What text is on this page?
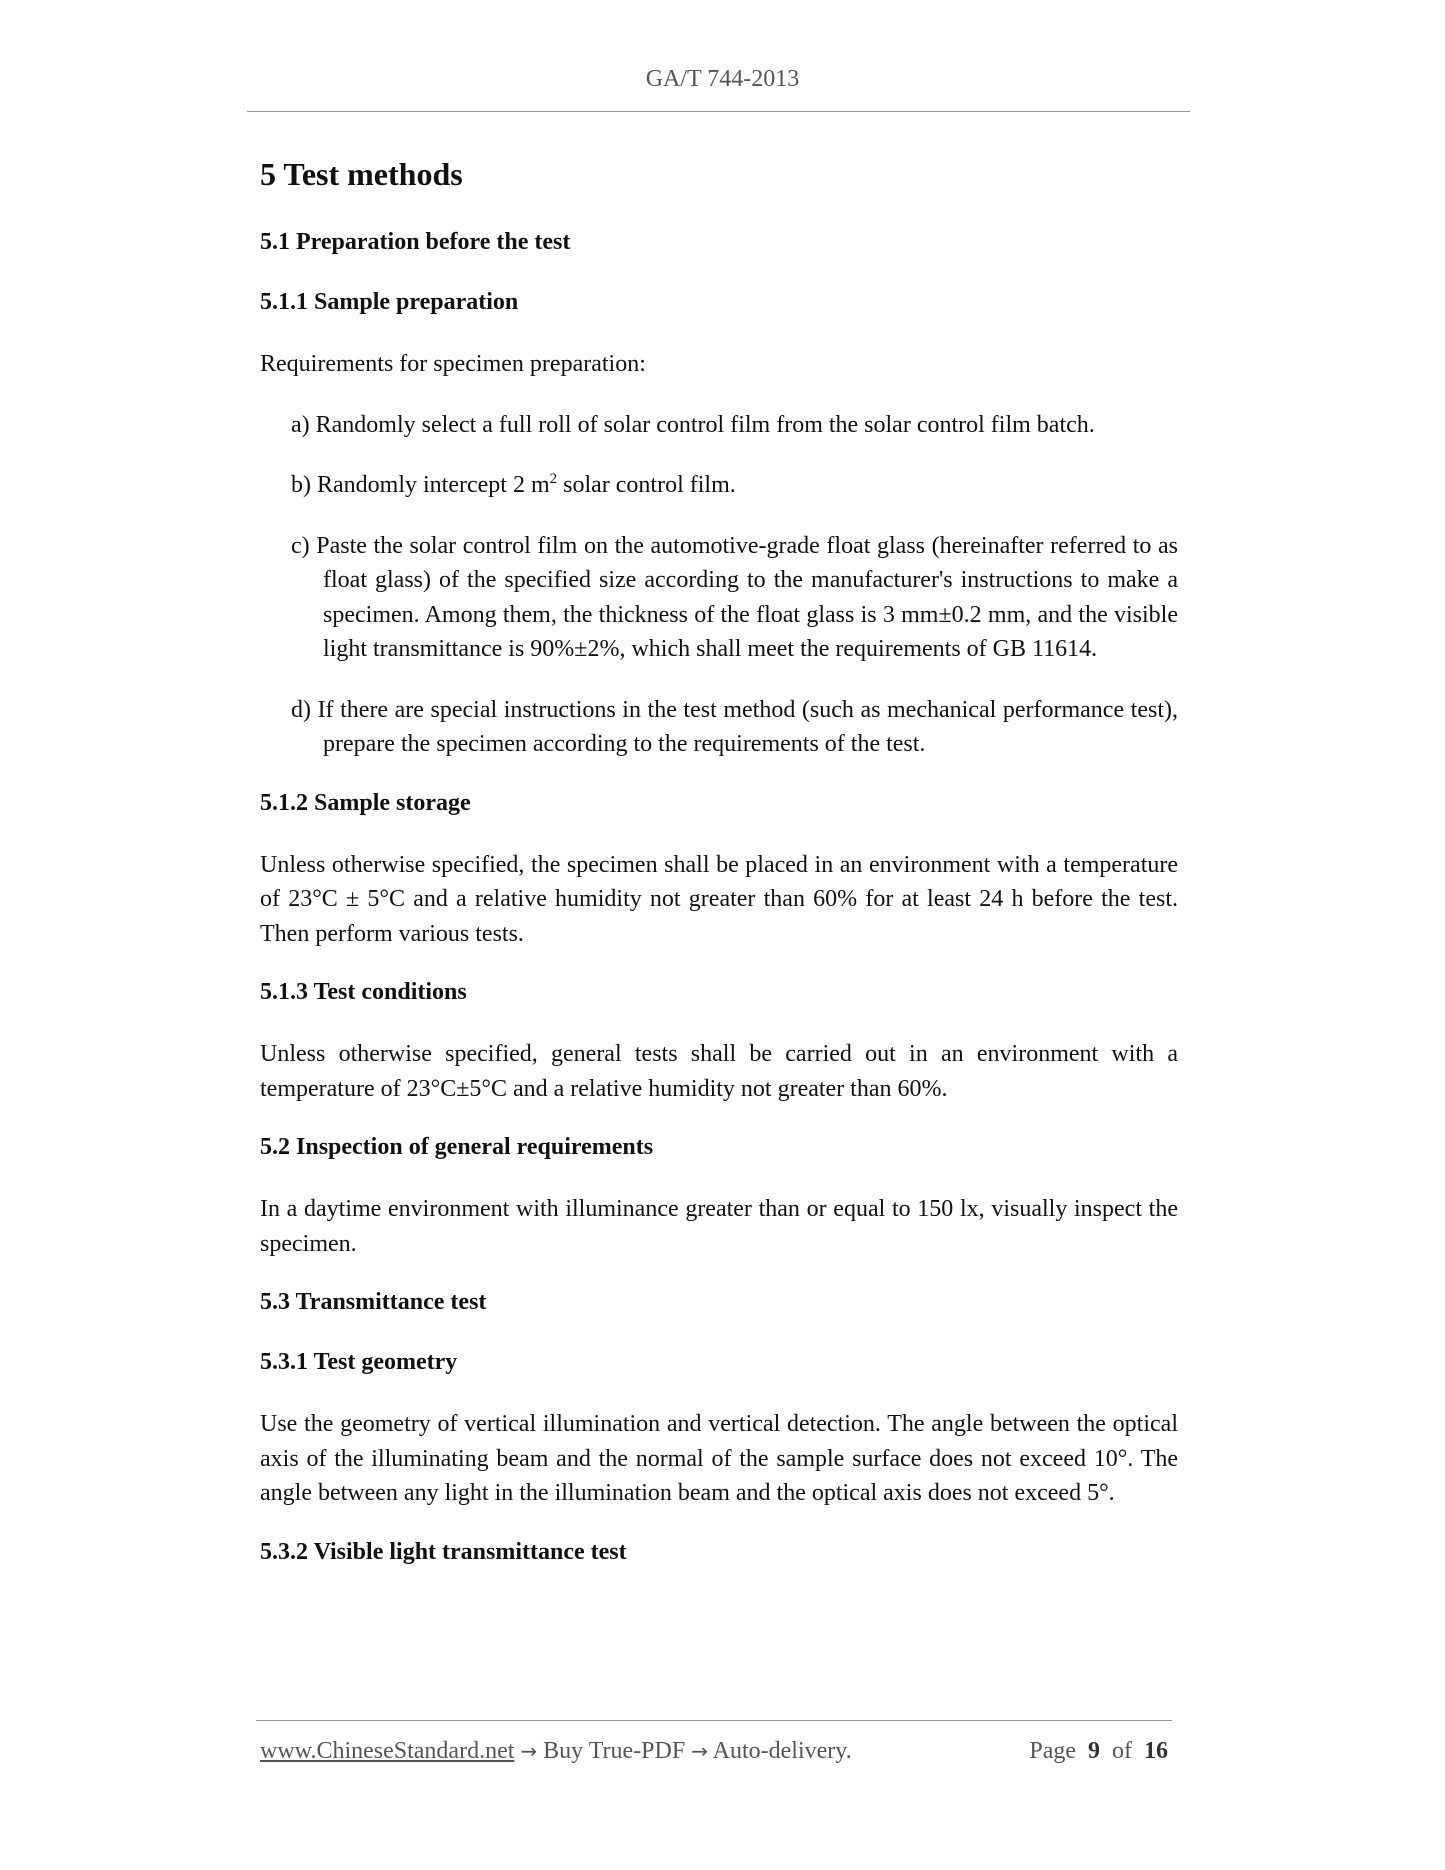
GA/T 744-2013
5 Test methods
5.1 Preparation before the test
5.1.1 Sample preparation
Requirements for specimen preparation:
a) Randomly select a full roll of solar control film from the solar control film batch.
b) Randomly intercept 2 $m^2$ solar control film.
c) Paste the solar control film on the automotive-grade float glass (hereinafter referred to as float glass) of the specified size according to the manufacturer's instructions to make a specimen. Among them, the thickness of the float glass is 3 mm±0.2 mm, and the visible light transmittance is 90%±2%, which shall meet the requirements of GB 11614.
d) If there are special instructions in the test method (such as mechanical performance test), prepare the specimen according to the requirements of the test.
5.1.2 Sample storage
Unless otherwise specified, the specimen shall be placed in an environment with a temperature of 23°C ± 5°C and a relative humidity not greater than 60% for at least 24 h before the test. Then perform various tests.
5.1.3 Test conditions
Unless otherwise specified, general tests shall be carried out in an environment with a temperature of 23°C±5°C and a relative humidity not greater than 60%.
5.2 Inspection of general requirements
In a daytime environment with illuminance greater than or equal to 150 lx, visually inspect the specimen.
5.3 Transmittance test
5.3.1 Test geometry
Use the geometry of vertical illumination and vertical detection. The angle between the optical axis of the illuminating beam and the normal of the sample surface does not exceed 10°. The angle between any light in the illumination beam and the optical axis does not exceed 5°.
5.3.2 Visible light transmittance test
www.ChineseStandard.net → Buy True-PDF → Auto-delivery.	Page 9 of 16
